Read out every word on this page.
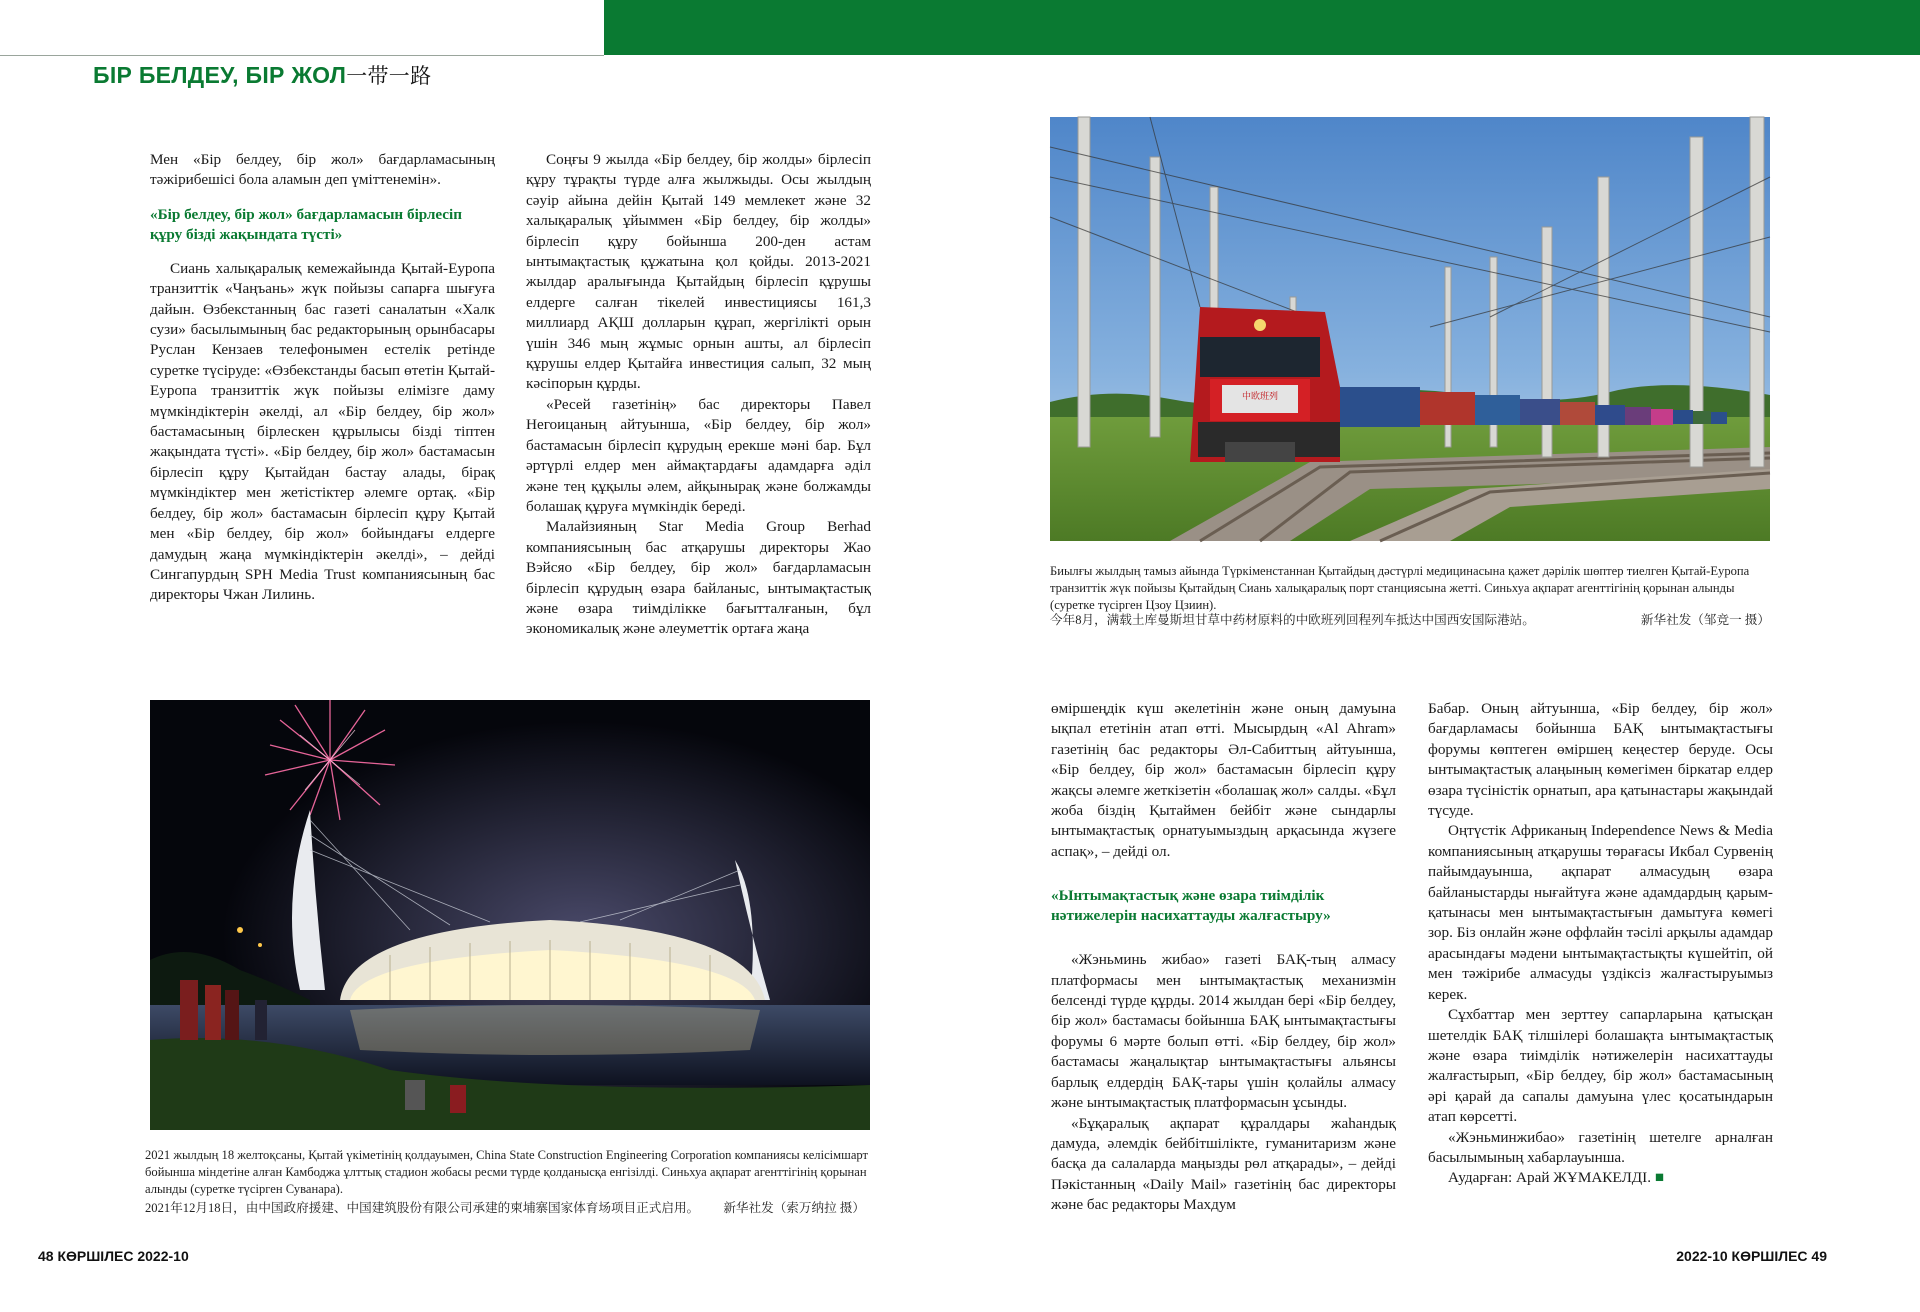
БІР БЕЛДЕУ, БІР ЖОЛ一带一路

Мен «Бір белдеу, бір жол» бағдарламасының тәжірибешісі бола аламын деп үміттенемін».

«Бір белдеу, бір жол» бағдарламасын бірлесіп құру бізді жақындата түсті»

Сиань халықаралық кемежайында Қытай-Еуропа транзиттік «Чаңъань» жүк пойызы сапарға шығуға дайын. Өзбекстанның бас газеті саналатын «Халк сузи» басылымының бас редакторының орынбасары Руслан Кензаев телефонымен естелік ретінде суретке түсіруде: «Өзбекстанды басып өтетін Қытай-Еуропа транзиттік жүк пойызы елімізге даму мүмкіндіктерін әкелді, ал «Бір белдеу, бір жол» бастамасының бірлескен құрылысы бізді тіптен жақындата түсті». «Бір белдеу, бір жол» бастамасын бірлесіп құру Қытайдан бастау алады, бірақ мүмкіндіктер мен жетістіктер әлемге ортақ. «Бір белдеу, бір жол» бастамасын бірлесіп құру Қытай мен «Бір белдеу, бір жол» бойындағы елдерге дамудың жаңа мүмкіндіктерін әкелді», – дейді Сингапурдың SPH Media Trust компаниясының бас директоры Чжан Лилинь.

Соңғы 9 жылда «Бір белдеу, бір жолды» бірлесіп құру тұрақты түрде алға жылжыды. Осы жылдың сәуір айына дейін Қытай 149 мемлекет және 32 халықаралық ұйыммен «Бір белдеу, бір жолды» бірлесіп құру бойынша 200-ден астам ынтымақтастық құжатына қол қойды. 2013-2021 жылдар аралығында Қытайдың бірлесіп құрушы елдерге салған тікелей инвестициясы 161,3 миллиард АҚШ долларын құрап, жергілікті орын үшін 346 мың жұмыс орнын ашты, ал бірлесіп құрушы елдер Қытайға инвестиция салып, 32 мың кәсіпорын құрды.

«Ресей газетінің» бас директоры Павел Негоицаның айтуынша, «Бір белдеу, бір жол» бастамасын бірлесіп құрудың ерекше мәні бар. Бұл әртүрлі елдер мен аймақтардағы адамдарға әділ және тең құқылы әлем, айқынырақ және болжамды болашақ құруға мүмкіндік береді.

Малайзияның Star Media Group Berhad компаниясының бас атқарушы директоры Жао Вэйсяо «Бір белдеу, бір жол» бағдарламасын бірлесіп құрудың өзара байланыс, ынтымақтастық және өзара тиімділікке бағытталғанын, бұл экономикалық және әлеуметтік ортаға жаңа

中欧班列
Биылғы жылдың тамыз айында Түркіменстаннан Қытайдың дәстүрлі медицинасына қажет дәрілік шөптер тиелген Қытай-Еуропа транзиттік жүк пойызы Қытайдың Сиань халықаралық порт станциясына жетті. Синьхуа ақпарат агенттігінің қорынан алынды (суретке түсірген Цзоу Цзиин).
今年8月，满载土库曼斯坦甘草中药材原料的中欧班列回程列车抵达中国西安国际港站。	新华社发（邹竞一 摄）
2021 жылдың 18 желтоқсаны, Қытай үкіметінің қолдауымен, China State Construction Engineering Corporation компаниясы келісімшарт бойынша міндетіне алған Камбоджа ұлттық стадион жобасы ресми түрде қолданысқа енгізілді. Синьхуа ақпарат агенттігінің қорынан алынды (суретке түсірген Суванара).
2021年12月18日，由中国政府援建、中国建筑股份有限公司承建的柬埔寨国家体育场项目正式启用。 新华社发（索万纳拉 摄）

өміршеңдік күш әкелетінін және оның дамуына ықпал ететінін атап өтті. Мысырдың «Al Ahram» газетінің бас редакторы Әл-Сабиттың айтуынша, «Бір белдеу, бір жол» бастамасын бірлесіп құру жақсы әлемге жеткізетін «болашақ жол» салды. «Бұл жоба біздің Қытаймен бейбіт және сындарлы ынтымақтастық орнатуымыздың арқасында жүзеге аспақ», – дейді ол.

«Ынтымақтастық және өзара тиімділік нәтижелерін насихаттауды жалғастыру»

«Жэньминь жибао» газеті БАҚ-тың алмасу платформасы мен ынтымақтастық механизмін белсенді түрде құрды. 2014 жылдан бері «Бір белдеу, бір жол» бастамасы бойынша БАҚ ынтымақтастығы форумы 6 мәрте болып өтті. «Бір белдеу, бір жол» бастамасы жаңалықтар ынтымақтастығы альянсы барлық елдердің БАҚ-тары үшін қолайлы алмасу және ынтымақтастық платформасын ұсынды.

«Бұқаралық ақпарат құралдары жаһандық дамуда, әлемдік бейбітшілікте, гуманитаризм және басқа да салаларда маңызды рөл атқарады», – дейді Пәкістанның «Daily Mail» газетінің бас директоры және бас редакторы Махдум

Бабар. Оның айтуынша, «Бір белдеу, бір жол» бағдарламасы бойынша БАҚ ынтымақтастығы форумы көптеген өміршең кеңестер беруде. Осы ынтымақтастық алаңының көмегімен біркатар елдер өзара түсіністік орнатып, ара қатынастары жақындай түсуде.

Оңтүстік Африканың Independence News & Media компаниясының атқарушы төрағасы Икбал Сурвенің пайымдауынша, ақпарат алмасудың өзара байланыстарды нығайтуға және адамдардың қарым-қатынасы мен ынтымақтастығын дамытуға көмегі зор. Біз онлайн және оффлайн тәсілі арқылы адамдар арасындағы мәдени ынтымақтастықты күшейтіп, ой мен тәжірибе алмасуды үздіксіз жалғастыруымыз керек.

Сұхбаттар мен зерттеу сапарларына қатысқан шетелдік БАҚ тілшілері болашақта ынтымақтастық және өзара тиімділік нәтижелерін насихаттауды жалғастырып, «Бір белдеу, бір жол» бастамасының әрі қарай да сапалы дамуына үлес қосатындарын атап көрсетті.

«Жэньминжибао» газетінің шетелге арналған басылымының хабарлауынша.

Аударған: Арай ЖҰМАКЕЛДІ. ■

48 КӨРШІЛЕС 2022-10	2022-10 КӨРШІЛЕС 49
